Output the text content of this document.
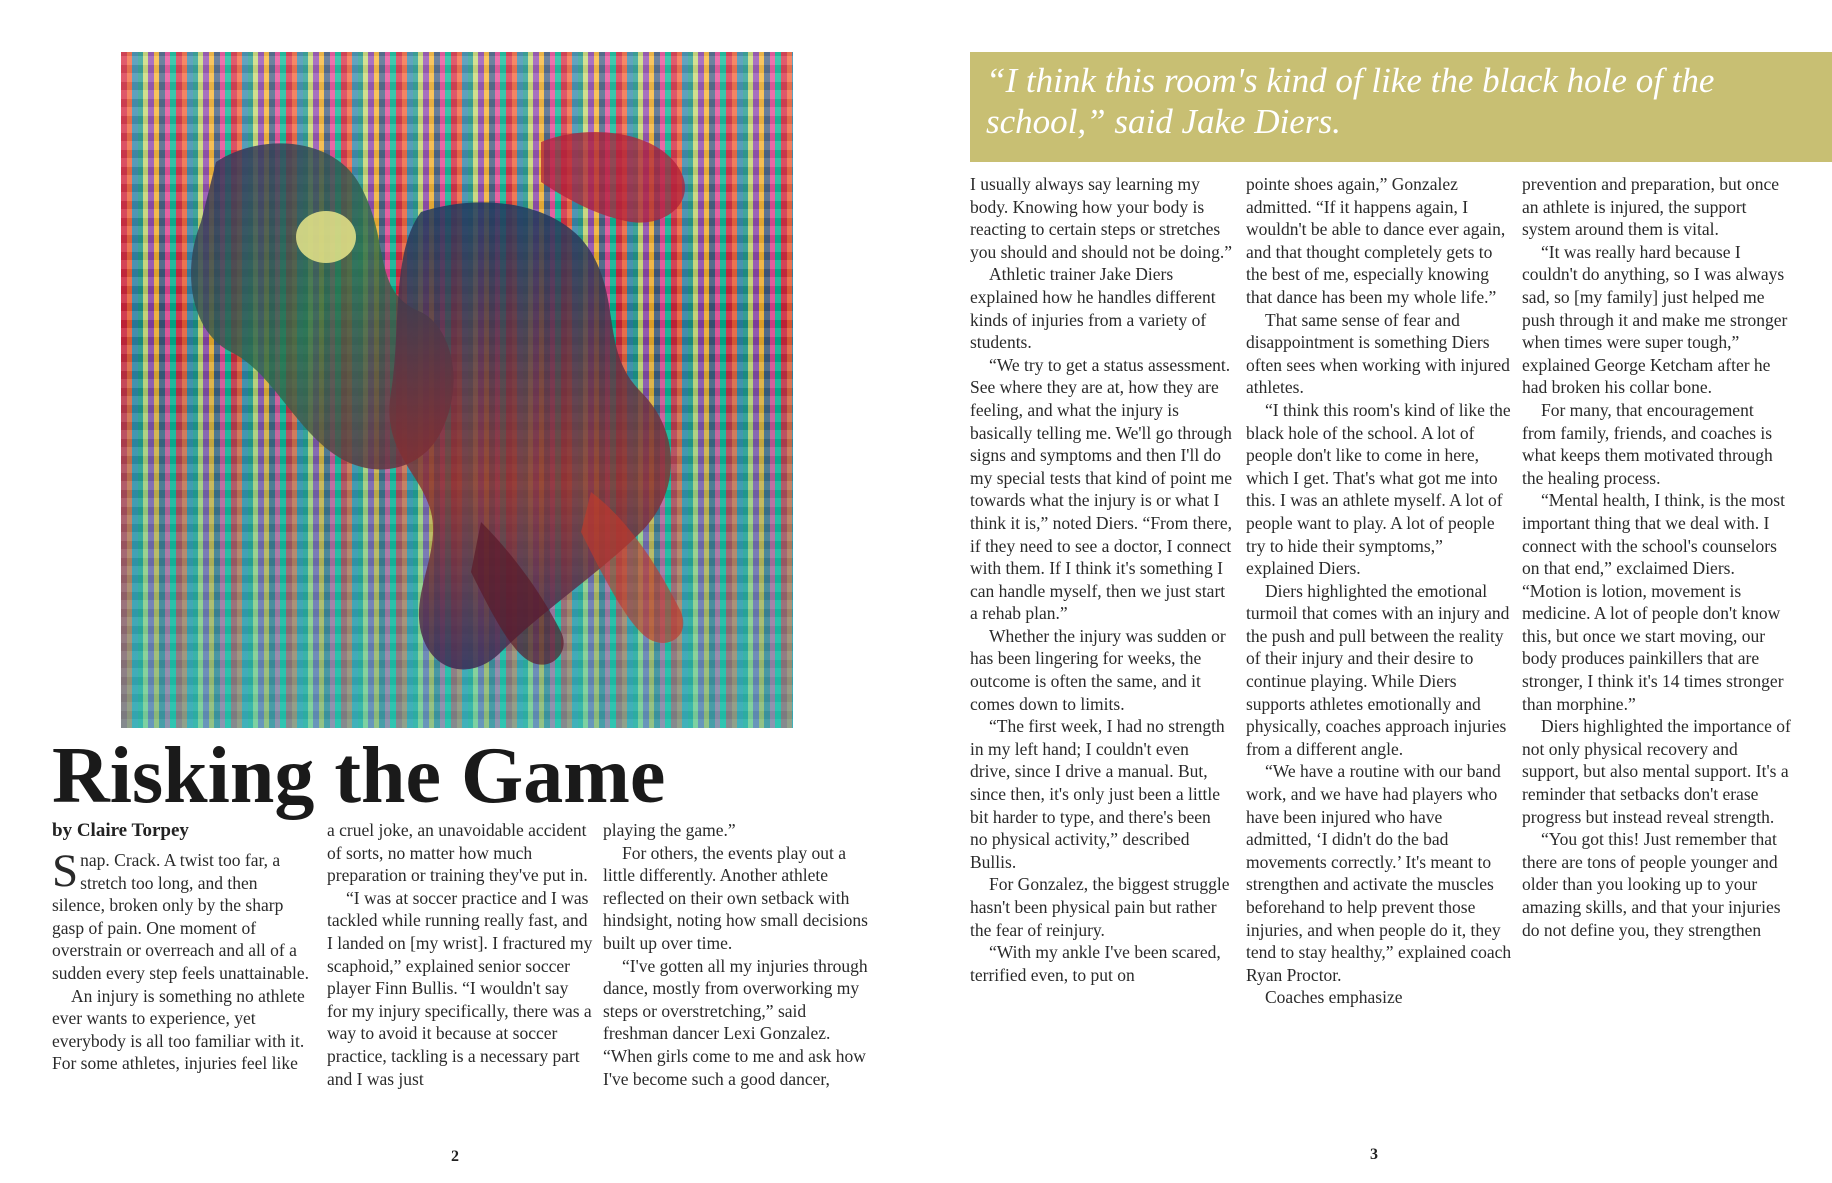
Risking the Game
by Claire Torpey

Snap. Crack. A twist too far, a stretch too long, and then silence, broken only by the sharp gasp of pain. One moment of overstrain or overreach and all of a sudden every step feels unattainable.

An injury is something no athlete ever wants to experience, yet everybody is all too familiar with it. For some athletes, injuries feel like

a cruel joke, an unavoidable accident of sorts, no matter how much preparation or training they've put in.

“I was at soccer practice and I was tackled while running really fast, and I landed on [my wrist]. I fractured my scaphoid,” explained senior soccer player Finn Bullis. “I wouldn't say for my injury specifically, there was a way to avoid it because at soccer practice, tackling is a necessary part and I was just

playing the game.”

For others, the events play out a little differently. Another athlete reflected on their own setback with hindsight, noting how small decisions built up over time.

“I've gotten all my injuries through dance, mostly from overworking my steps or overstretching,” said freshman dancer Lexi Gonzalez. “When girls come to me and ask how I've become such a good dancer,

2
“I think this room's kind of like the black hole of the school,” said Jake Diers.

I usually always say learning my body. Knowing how your body is reacting to certain steps or stretches you should and should not be doing.”

Athletic trainer Jake Diers explained how he handles different kinds of injuries from a variety of students.

“We try to get a status assessment. See where they are at, how they are feeling, and what the injury is basically telling me. We'll go through signs and symptoms and then I'll do my special tests that kind of point me towards what the injury is or what I think it is,” noted Diers. “From there, if they need to see a doctor, I connect with them. If I think it's something I can handle myself, then we just start a rehab plan.”

Whether the injury was sudden or has been lingering for weeks, the outcome is often the same, and it comes down to limits.

“The first week, I had no strength in my left hand; I couldn't even drive, since I drive a manual. But, since then, it's only just been a little bit harder to type, and there's been no physical activity,” described Bullis.

For Gonzalez, the biggest struggle hasn't been physical pain but rather the fear of reinjury.

“With my ankle I've been scared, terrified even, to put on

pointe shoes again,” Gonzalez admitted. “If it happens again, I wouldn't be able to dance ever again, and that thought completely gets to the best of me, especially knowing that dance has been my whole life.”

That same sense of fear and disappointment is something Diers often sees when working with injured athletes.

“I think this room's kind of like the black hole of the school. A lot of people don't like to come in here, which I get. That's what got me into this. I was an athlete myself. A lot of people want to play. A lot of people try to hide their symptoms,” explained Diers.

Diers highlighted the emotional turmoil that comes with an injury and the push and pull between the reality of their injury and their desire to continue playing. While Diers supports athletes emotionally and physically, coaches approach injuries from a different angle.

“We have a routine with our band work, and we have had players who have been injured who have admitted, ‘I didn't do the bad movements correctly.’ It's meant to strengthen and activate the muscles beforehand to help prevent those injuries, and when people do it, they tend to stay healthy,” explained coach Ryan Proctor.

Coaches emphasize

prevention and preparation, but once an athlete is injured, the support system around them is vital.

“It was really hard because I couldn't do anything, so I was always sad, so [my family] just helped me push through it and make me stronger when times were super tough,” explained George Ketcham after he had broken his collar bone.

For many, that encouragement from family, friends, and coaches is what keeps them motivated through the healing process.

“Mental health, I think, is the most important thing that we deal with. I connect with the school's counselors on that end,” exclaimed Diers. “Motion is lotion, movement is medicine. A lot of people don't know this, but once we start moving, our body produces painkillers that are stronger, I think it's 14 times stronger than morphine.”

Diers highlighted the importance of not only physical recovery and support, but also mental support. It's a reminder that setbacks don't erase progress but instead reveal strength.

“You got this! Just remember that there are tons of people younger and older than you looking up to your amazing skills, and that your injuries do not define you, they strengthen

3
